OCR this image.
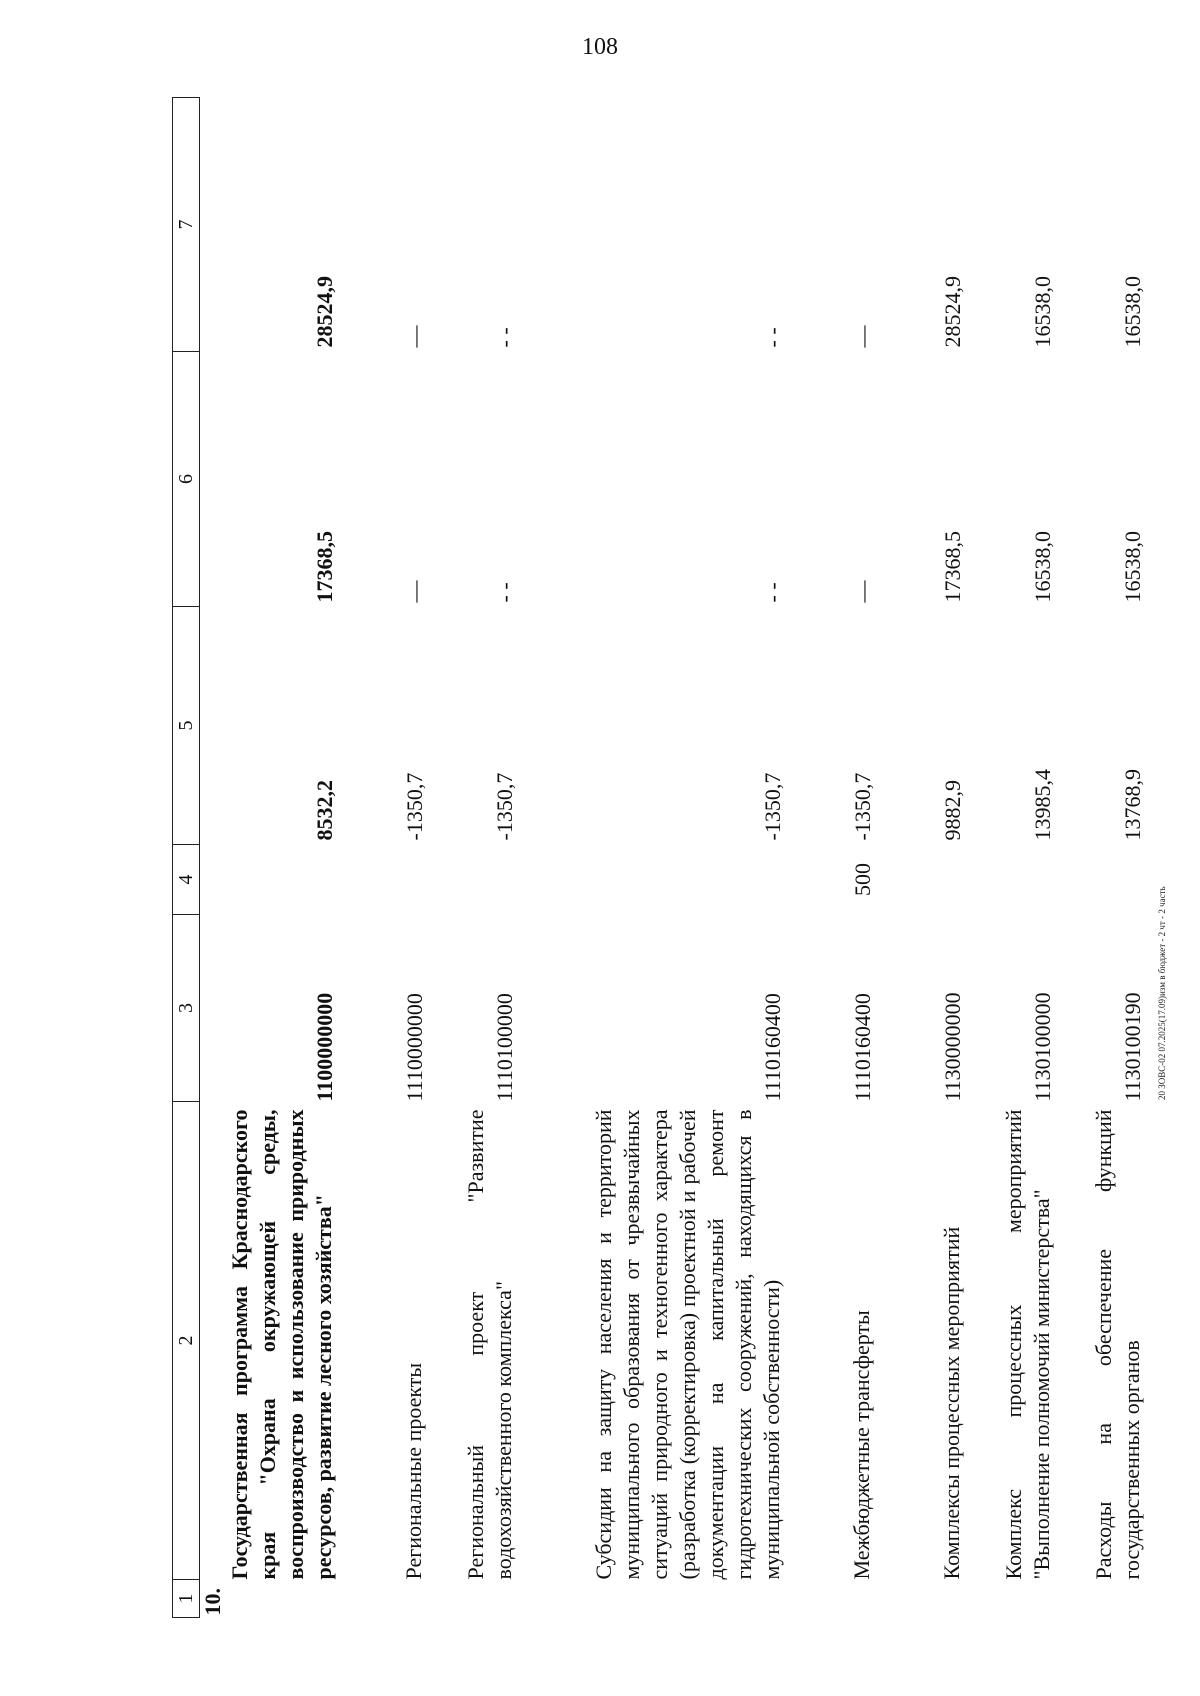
108
1	2	3	4	5	6	7
10.	Государственная программа Краснодарского края "Охрана окружающей среды, воспроизводство и использование природных ресурсов, развитие лесного хозяйства"	1100000000		8532,2	17368,5	28524,9
	Региональные проекты	1110000000		-1350,7	—	—
	Региональный проект "Развитие водохозяйственного комплекса"	1110100000		-1350,7	- -	- -
	Субсидии на защиту населения и территорий муниципального образования от чрезвычайных ситуаций природного и техногенного характера (разработка (корректировка) проектной и рабочей документации на капитальный ремонт гидротехнических сооружений, находящихся в муниципальной собственности)	1110160400		-1350,7	- -	- -
	Межбюджетные трансферты	1110160400	500	-1350,7	—	—
	Комплексы процессных мероприятий	1130000000		9882,9	17368,5	28524,9
	Комплекс процессных мероприятий "Выполнение полномочий министерства"	1130100000		13985,4	16538,0	16538,0
	Расходы на обеспечение функций государственных органов	1130100190		13768,9	16538,0	16538,0
20 ЗОВС-02 07.2025(17.09)изм в бюджет - 2 чт - 2 часть
